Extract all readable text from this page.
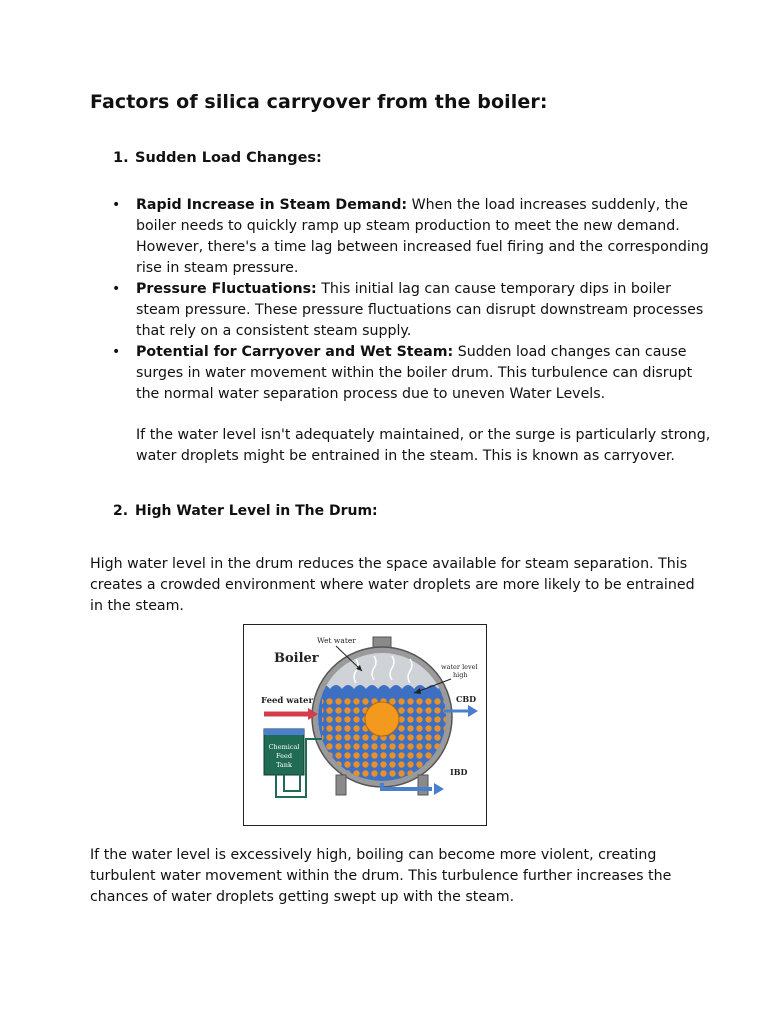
Factors of silica carryover from the boiler:
1. Sudden Load Changes:
• Rapid Increase in Steam Demand: When the load increases suddenly, the boiler needs to quickly ramp up steam production to meet the new demand. However, there's a time lag between increased fuel firing and the corresponding rise in steam pressure.
• Pressure Fluctuations: This initial lag can cause temporary dips in boiler steam pressure. These pressure fluctuations can disrupt downstream processes that rely on a consistent steam supply.
• Potential for Carryover and Wet Steam: Sudden load changes can cause surges in water movement within the boiler drum. This turbulence can disrupt the normal water separation process due to uneven Water Levels.

If the water level isn't adequately maintained, or the surge is particularly strong, water droplets might be entrained in the steam. This is known as carryover.

2. High Water Level in The Drum:

High water level in the drum reduces the space available for steam separation. This creates a crowded environment where water droplets are more likely to be entrained in the steam.

Boiler
Wet water
water level
high
CBD
Feed water
Chemical
Feed
Tank
IBD

If the water level is excessively high, boiling can become more violent, creating turbulent water movement within the drum. This turbulence further increases the chances of water droplets getting swept up with the steam.
